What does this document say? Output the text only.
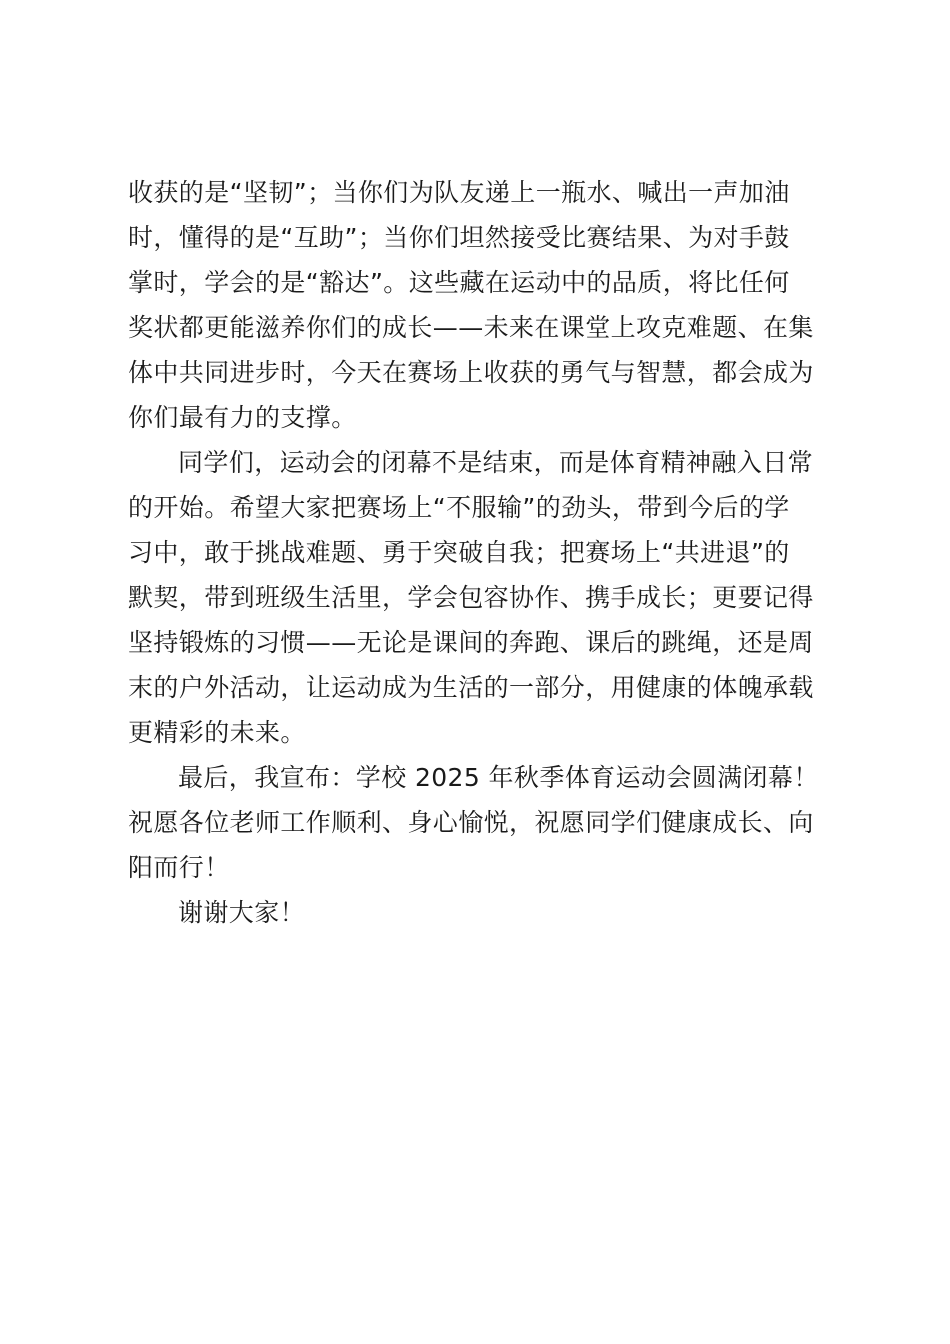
收获的是“坚韧”；当你们为队友递上一瓶水、喊出一声加油
时，懂得的是“互助”；当你们坦然接受比赛结果、为对手鼓
掌时，学会的是“豁达”。这些藏在运动中的品质，将比任何
奖状都更能滋养你们的成长——未来在课堂上攻克难题、在集
体中共同进步时，今天在赛场上收获的勇气与智慧，都会成为
你们最有力的支撑。
同学们，运动会的闭幕不是结束，而是体育精神融入日常
的开始。希望大家把赛场上“不服输”的劲头，带到今后的学
习中，敢于挑战难题、勇于突破自我；把赛场上“共进退”的
默契，带到班级生活里，学会包容协作、携手成长；更要记得
坚持锻炼的习惯——无论是课间的奔跑、课后的跳绳，还是周
末的户外活动，让运动成为生活的一部分，用健康的体魄承载
更精彩的未来。
最后，我宣布：学校 2025 年秋季体育运动会圆满闭幕！
祝愿各位老师工作顺利、身心愉悦，祝愿同学们健康成长、向
阳而行！
谢谢大家！
